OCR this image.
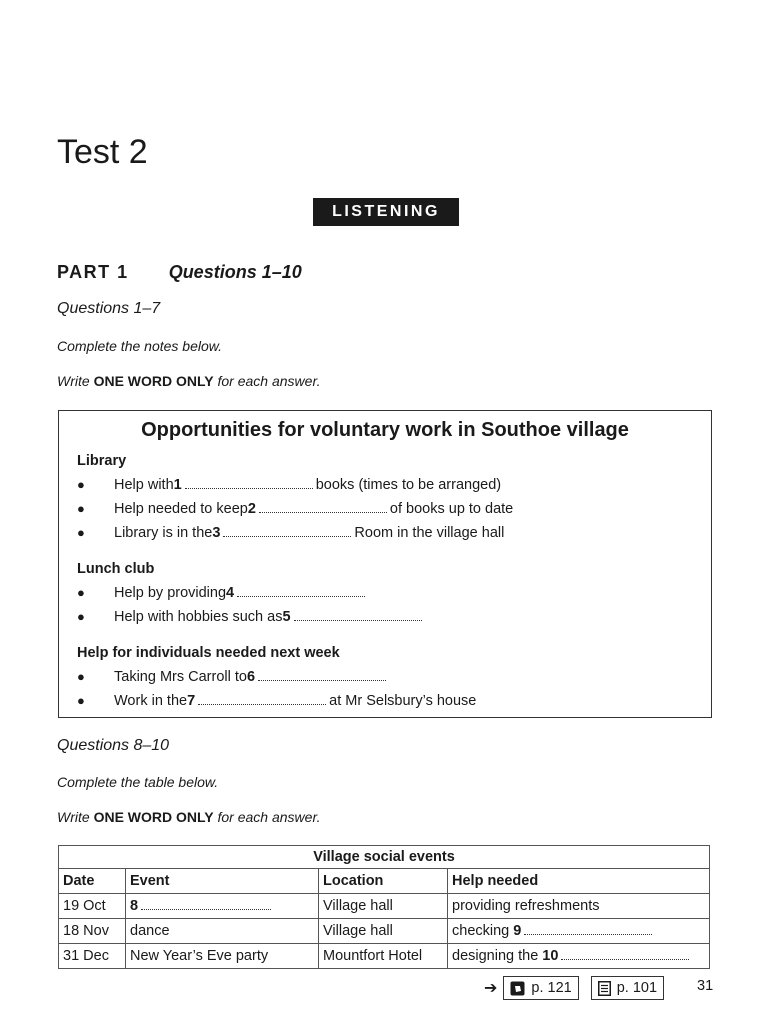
Test 2
LISTENING
PART 1 Questions 1–10
Questions 1–7
Complete the notes below.
Write ONE WORD ONLY for each answer.
Opportunities for voluntary work in Southoe village
Library
●	Help with 1	books (times to be arranged)
●	Help needed to keep 2	of books up to date
●	Library is in the 3	Room in the village hall
Lunch club
●	Help by providing 4
●	Help with hobbies such as 5
Help for individuals needed next week
●	Taking Mrs Carroll to 6
●	Work in the 7	at Mr Selsbury’s house
Questions 8–10
Complete the table below.
Write ONE WORD ONLY for each answer.
Village social events			
Date	Event	Location	Help needed
19 Oct	8	Village hall	providing refreshments
18 Nov	dance	Village hall	checking 9
31 Dec	New Year’s Eve party	Mountfort Hotel	designing the 10
➔ p. 121	p. 101	31
